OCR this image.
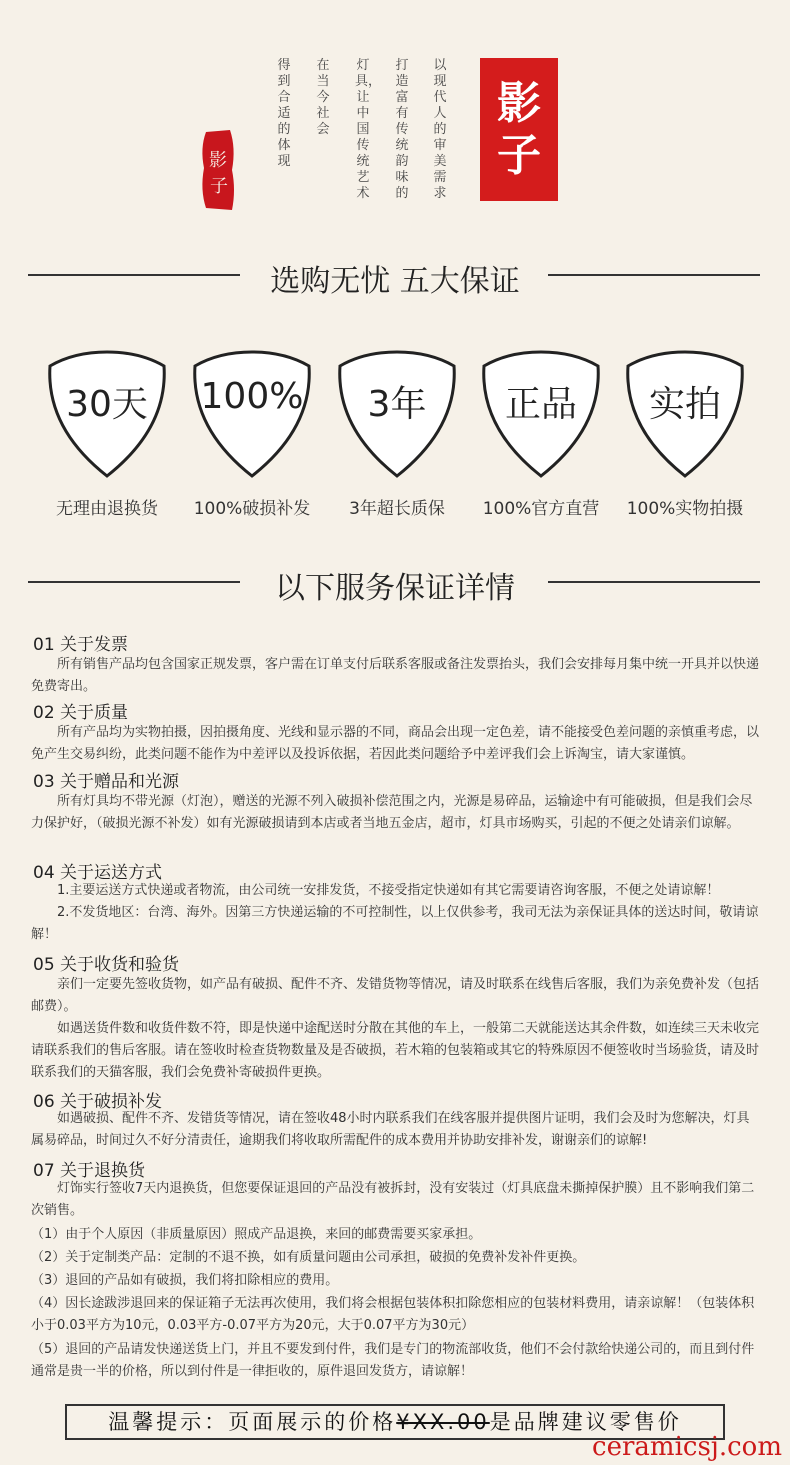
以现代人的审美需求
打造富有传统韵味的
灯具，让中国传统艺术
在当今社会
得到合适的体现
影
子
影
子
选购无忧 五大保证
30天	100%	3年	正品	实拍
无理由退换货	100%破损补发	3年超长质保	100%官方直营	100%实物拍摄
以下服务保证详情
01 关于发票
　　所有销售产品均包含国家正规发票，客户需在订单支付后联系客服或备注发票抬头，我们会安排每月集中统一开具并以快递免费寄出。
02 关于质量
　　所有产品均为实物拍摄，因拍摄角度、光线和显示器的不同，商品会出现一定色差，请不能接受色差问题的亲慎重考虑，以免产生交易纠纷，此类问题不能作为中差评以及投诉依据，若因此类问题给予中差评我们会上诉淘宝，请大家谨慎。
03 关于赠品和光源
　　所有灯具均不带光源（灯泡），赠送的光源不列入破损补偿范围之内，光源是易碎品，运输途中有可能破损，但是我们会尽力保护好，（破损光源不补发）如有光源破损请到本店或者当地五金店，超市，灯具市场购买，引起的不便之处请亲们谅解。
04 关于运送方式
　　1.主要运送方式快递或者物流，由公司统一安排发货，不接受指定快递如有其它需要请咨询客服，不便之处请谅解！
　　2.不发货地区：台湾、海外。因第三方快递运输的不可控制性，以上仅供参考，我司无法为亲保证具体的送达时间，敬请谅解！
05 关于收货和验货
　　亲们一定要先签收货物，如产品有破损、配件不齐、发错货物等情况，请及时联系在线售后客服，我们为亲免费补发（包括邮费）。
　　如遇送货件数和收货件数不符，即是快递中途配送时分散在其他的车上，一般第二天就能送达其余件数，如连续三天未收完请联系我们的售后客服。请在签收时检查货物数量及是否破损，若木箱的包装箱或其它的特殊原因不便签收时当场验货，请及时联系我们的天猫客服，我们会免费补寄破损件更换。
06 关于破损补发
　　如遇破损、配件不齐、发错货等情况，请在签收48小时内联系我们在线客服并提供图片证明，我们会及时为您解决，灯具属易碎品，时间过久不好分清责任，逾期我们将收取所需配件的成本费用并协助安排补发，谢谢亲们的谅解!
07 关于退换货
　　灯饰实行签收7天内退换货，但您要保证退回的产品没有被拆封，没有安装过（灯具底盘未撕掉保护膜）且不影响我们第二次销售。
（1）由于个人原因（非质量原因）照成产品退换，来回的邮费需要买家承担。
（2）关于定制类产品：定制的不退不换，如有质量问题由公司承担，破损的免费补发补件更换。
（3）退回的产品如有破损，我们将扣除相应的费用。
（4）因长途跋涉退回来的保证箱子无法再次使用，我们将会根据包装体积扣除您相应的包装材料费用，请亲谅解！（包装体积小于0.03平方为10元，0.03平方-0.07平方为20元，大于0.07平方为30元）
（5）退回的产品请发快递送货上门，并且不要发到付件，我们是专门的物流部收货，他们不会付款给快递公司的，而且到付件通常是贵一半的价格，所以到付件是一律拒收的，原件退回发货方，请谅解！
温馨提示：页面展示的价格¥XX.00是品牌建议零售价
ceramicsj.com
